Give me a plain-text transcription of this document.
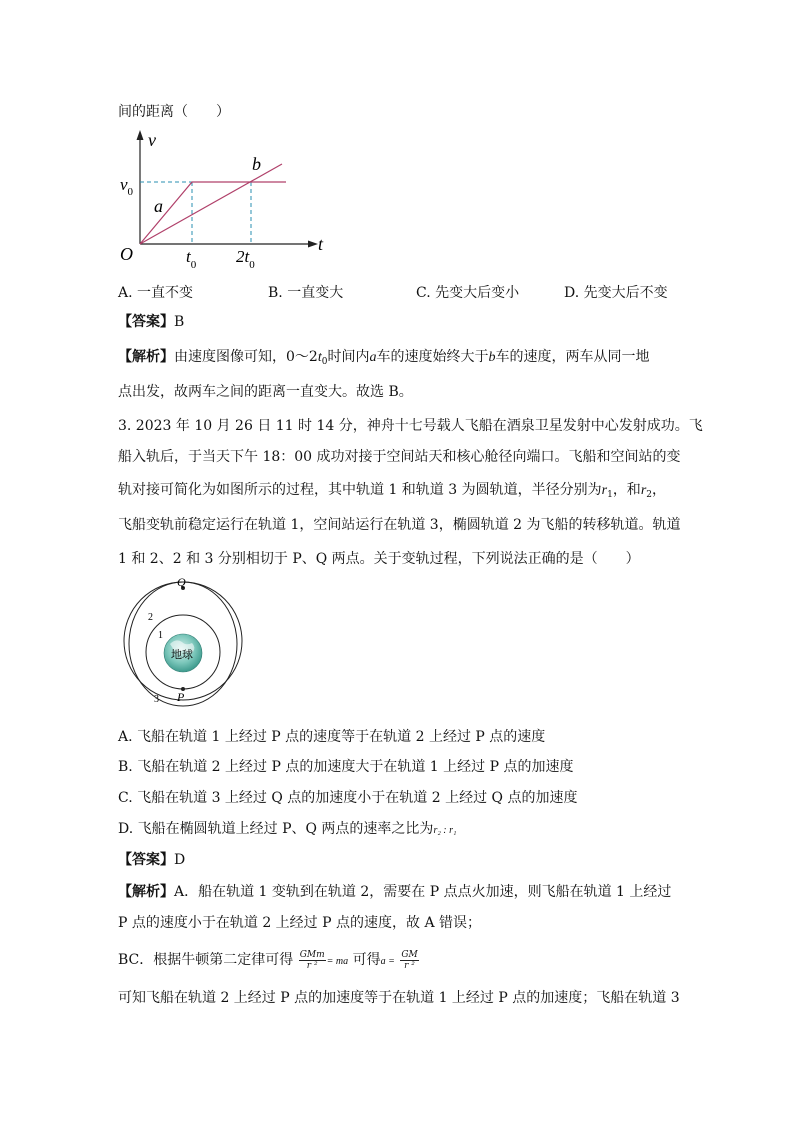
间的距离（　　）
v
t
O
$v_0$
a
b
$t_0$ $2t_0$
A. 一直不变	B. 一直变大	C. 先变大后变小	D. 先变大后不变
【答案】B
【解析】由速度图像可知，$0\sim 2t_0$时间内a车的速度始终大于b车的速度，两车从同一地
点出发，故两车之间的距离一直变大。故选 B。
3. 2023 年 10 月 26 日 11 时 14 分，神舟十七号载人飞船在酒泉卫星发射中心发射成功。飞
船入轨后，于当天下午 18：00 成功对接于空间站天和核心舱径向端口。飞船和空间站的变
轨对接可简化为如图所示的过程，其中轨道 1 和轨道 3 为圆轨道，半径分别为$r_1$，和$r_2$，
飞船变轨前稳定运行在轨道 1，空间站运行在轨道 3，椭圆轨道 2 为飞船的转移轨道。轨道
1 和 2、2 和 3 分别相切于 P、Q 两点。关于变轨过程，下列说法正确的是（　　）
地球
Q
P
1
2
3
A. 飞船在轨道 1 上经过 P 点的速度等于在轨道 2 上经过 P 点的速度
B. 飞船在轨道 2 上经过 P 点的加速度大于在轨道 1 上经过 P 点的加速度
C. 飞船在轨道 3 上经过 Q 点的加速度小于在轨道 2 上经过 Q 点的加速度
D. 飞船在椭圆轨道上经过 P、Q 两点的速率之比为r₂ : r₁
【答案】D
【解析】A．船在轨道 1 变轨到在轨道 2，需要在 P 点点火加速，则飞船在轨道 1 上经过
P 点的速度小于在轨道 2 上经过 P 点的速度，故 A 错误；
BC．根据牛顿第二定律可得 $\frac{\text{GMm}}{\text{r ²}}$ = ma 可得$a = \frac{GM}{\text{r ²}}$
可知飞船在轨道 2 上经过 P 点的加速度等于在轨道 1 上经过 P 点的加速度；飞船在轨道 3
